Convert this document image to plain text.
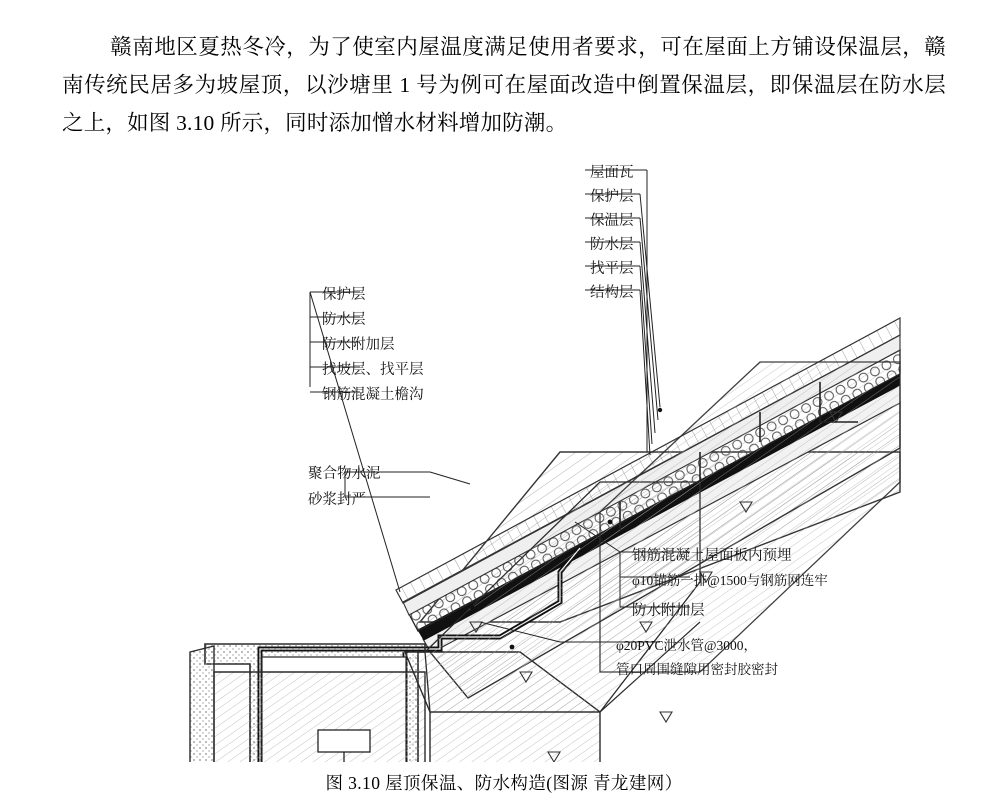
赣南地区夏热冬冷，为了使室内屋温度满足使用者要求，可在屋面上方铺设保温层，赣南传统民居多为坡屋顶，以沙塘里 1 号为例可在屋面改造中倒置保温层，即保温层在防水层之上，如图 3.10 所示，同时添加憎水材料增加防潮。

屋面瓦
保护层
保温层
防水层
找平层
结构层
保护层
防水层
防水附加层
找坡层、找平层
钢筋混凝土檐沟
聚合物水泥
砂浆封严
钢筋混凝土屋面板内预埋
φ10锚筋一排@1500与钢筋网连牢
防水附加层
φ20PVC泄水管@3000，
管口周围缝隙用密封胶密封
图 3.10 屋顶保温、防水构造(图源 青龙建网）
